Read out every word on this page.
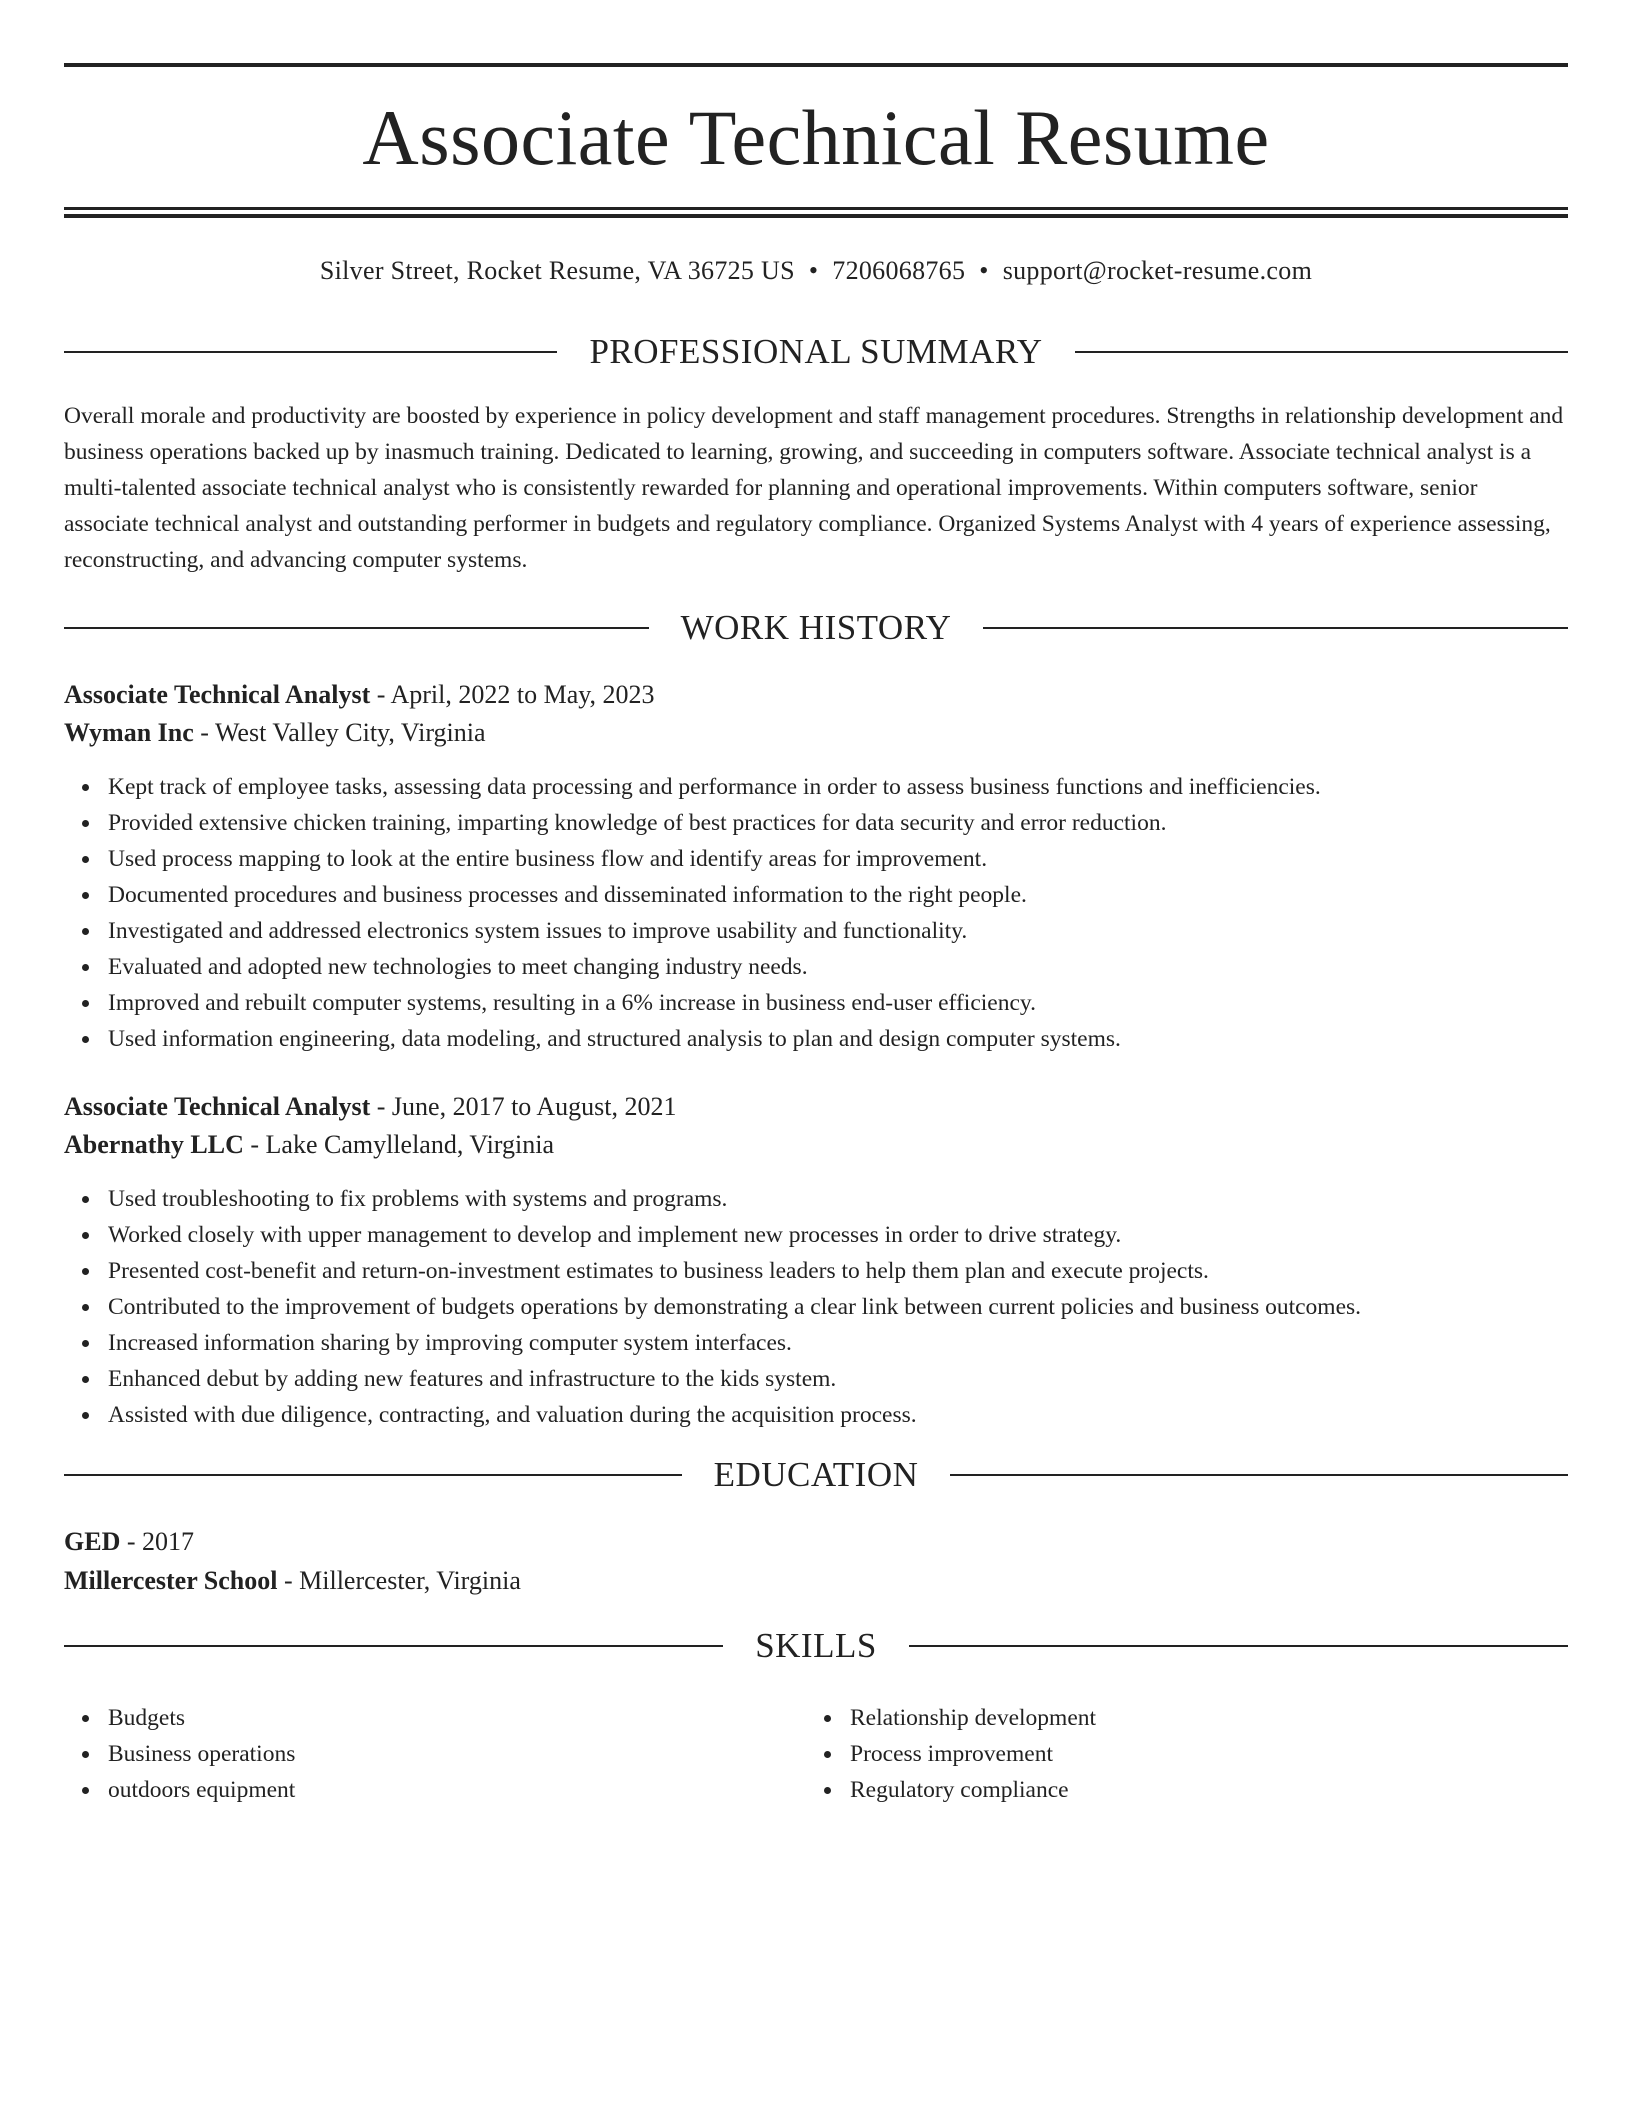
Associate Technical Resume
Silver Street, Rocket Resume, VA 36725 US • 7206068765 • support@rocket-resume.com
PROFESSIONAL SUMMARY
Overall morale and productivity are boosted by experience in policy development and staff management procedures. Strengths in relationship development and business operations backed up by inasmuch training. Dedicated to learning, growing, and succeeding in computers software. Associate technical analyst is a multi-talented associate technical analyst who is consistently rewarded for planning and operational improvements. Within computers software, senior associate technical analyst and outstanding performer in budgets and regulatory compliance. Organized Systems Analyst with 4 years of experience assessing, reconstructing, and advancing computer systems.
WORK HISTORY
Associate Technical Analyst - April, 2022 to May, 2023
Wyman Inc - West Valley City, Virginia
Kept track of employee tasks, assessing data processing and performance in order to assess business functions and inefficiencies.
Provided extensive chicken training, imparting knowledge of best practices for data security and error reduction.
Used process mapping to look at the entire business flow and identify areas for improvement.
Documented procedures and business processes and disseminated information to the right people.
Investigated and addressed electronics system issues to improve usability and functionality.
Evaluated and adopted new technologies to meet changing industry needs.
Improved and rebuilt computer systems, resulting in a 6% increase in business end-user efficiency.
Used information engineering, data modeling, and structured analysis to plan and design computer systems.
Associate Technical Analyst - June, 2017 to August, 2021
Abernathy LLC - Lake Camylleland, Virginia
Used troubleshooting to fix problems with systems and programs.
Worked closely with upper management to develop and implement new processes in order to drive strategy.
Presented cost-benefit and return-on-investment estimates to business leaders to help them plan and execute projects.
Contributed to the improvement of budgets operations by demonstrating a clear link between current policies and business outcomes.
Increased information sharing by improving computer system interfaces.
Enhanced debut by adding new features and infrastructure to the kids system.
Assisted with due diligence, contracting, and valuation during the acquisition process.
EDUCATION
GED - 2017
Millercester School - Millercester, Virginia
SKILLS
Budgets
Business operations
outdoors equipment
Relationship development
Process improvement
Regulatory compliance
